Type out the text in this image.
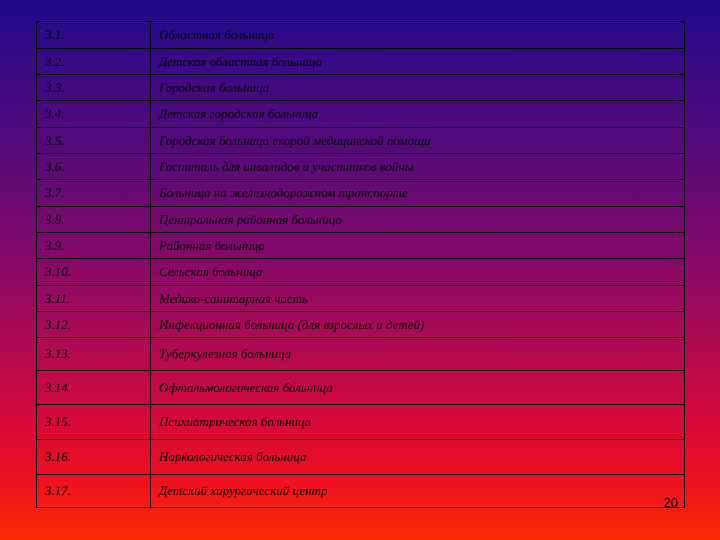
3.1.	Областная больница
3.2.	Детская областная больница
3.3.	Городская больница
3.4.	Детская городская больница
3.5.	Городская больница скорой медицинской помощи
3.6.	Госпиталь для инвалидов и участников войны
3.7.	Больница на железнодорожном транспорте
3.8.	Центральная районная больница
3.9.	Районная больница
3.10.	Сельская больница
3.11.	Медико-санитарная часть
3.12.	Инфекционная больница (для взрослых и детей)
3.13.	Туберкулезная больница
3.14.	Офтальмологическая больница
3.15.	Психиатрическая больница
3.16.	Наркологическая больница
3.17.	Детский хирургический центр
20
